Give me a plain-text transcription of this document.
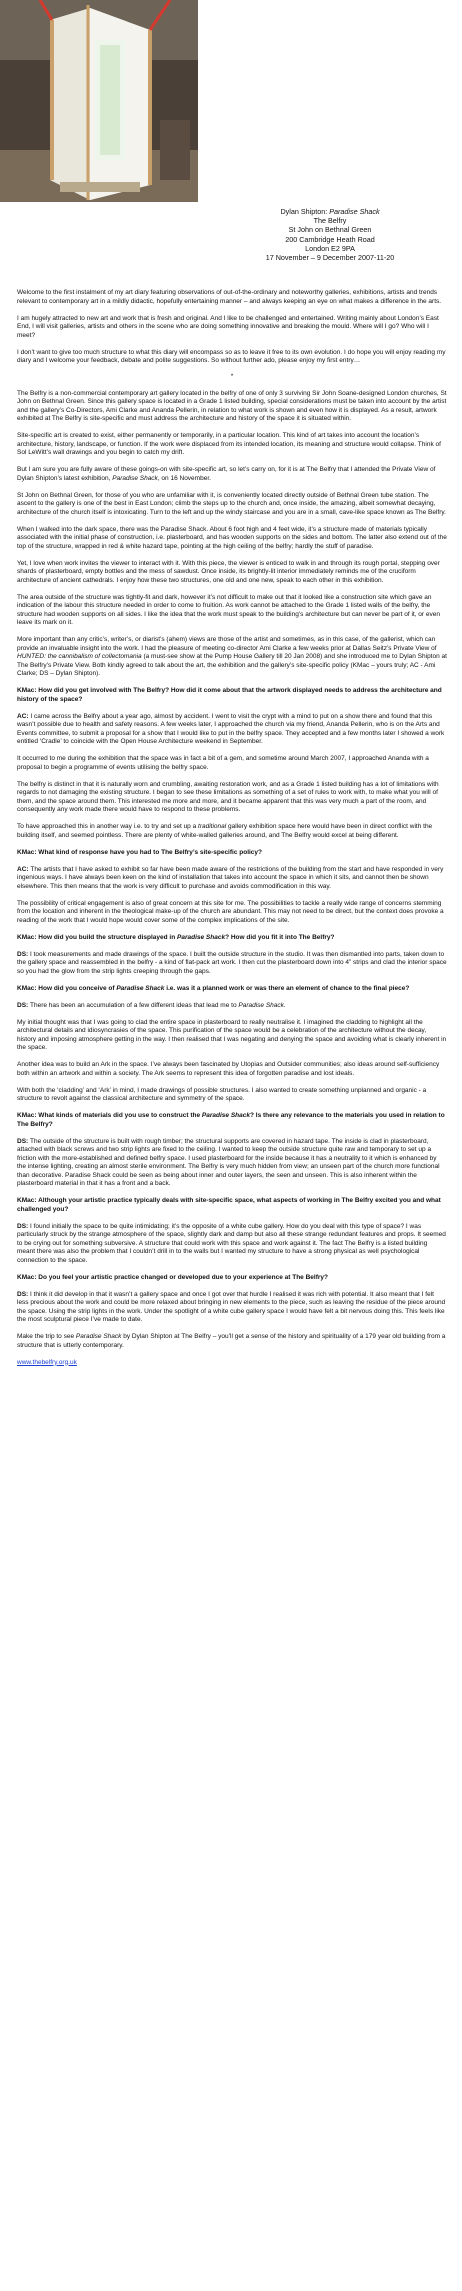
Dylan Shipton: Paradise Shack
The Belfry
St John on Bethnal Green
200 Cambridge Heath Road
London E2 9PA
17 November – 9 December 2007-11-20

Welcome to the first instalment of my art diary featuring observations of out-of-the-ordinary and noteworthy galleries, exhibitions, artists and trends relevant to contemporary art in a mildly didactic, hopefully entertaining manner – and always keeping an eye on what makes a difference in the arts.

I am hugely attracted to new art and work that is fresh and original. And I like to be challenged and entertained. Writing mainly about London’s East End, I will visit galleries, artists and others in the scene who are doing something innovative and breaking the mould. Where will I go? Who will I meet?

I don’t want to give too much structure to what this diary will encompass so as to leave it free to its own evolution. I do hope you will enjoy reading my diary and I welcome your feedback, debate and polite suggestions. So without further ado, please enjoy my first entry…

*

The Belfry is a non-commercial contemporary art gallery located in the belfry of one of only 3 surviving Sir John Soane-designed London churches, St John on Bethnal Green. Since this gallery space is located in a Grade 1 listed building, special considerations must be taken into account by the artist and the gallery’s Co-Directors, Ami Clarke and Ananda Pellerin, in relation to what work is shown and even how it is displayed. As a result, artwork exhibited at The Belfry is site-specific and must address the architecture and history of the space it is situated within.

Site-specific art is created to exist, either permanently or temporarily, in a particular location. This kind of art takes into account the location’s architecture, history, landscape, or function. If the work were displaced from its intended location, its meaning and structure would collapse. Think of Sol LeWitt’s wall drawings and you begin to catch my drift.

But I am sure you are fully aware of these goings-on with site-specific art, so let’s carry on, for it is at The Belfry that I attended the Private View of Dylan Shipton’s latest exhibition, Paradise Shack, on 16 November.

St John on Bethnal Green, for those of you who are unfamiliar with it, is conveniently located directly outside of Bethnal Green tube station. The ascent to the gallery is one of the best in East London; climb the steps up to the church and, once inside, the amazing, albeit somewhat decaying, architecture of the church itself is intoxicating. Turn to the left and up the windy staircase and you are in a small, cave-like space known as The Belfry.

When I walked into the dark space, there was the Paradise Shack. About 6 foot high and 4 feet wide, it’s a structure made of materials typically associated with the initial phase of construction, i.e. plasterboard, and has wooden supports on the sides and bottom. The latter also extend out of the top of the structure, wrapped in red & white hazard tape, pointing at the high ceiling of the belfry; hardly the stuff of paradise.

Yet, I love when work invites the viewer to interact with it. With this piece, the viewer is enticed to walk in and through its rough portal, stepping over shards of plasterboard, empty bottles and the mess of sawdust. Once inside, its brightly-lit interior immediately reminds me of the cruciform architecture of ancient cathedrals. I enjoy how these two structures, one old and one new, speak to each other in this exhibition.

The area outside of the structure was tightly-fit and dark, however it’s not difficult to make out that it looked like a construction site which gave an indication of the labour this structure needed in order to come to fruition. As work cannot be attached to the Grade 1 listed walls of the belfry, the structure had wooden supports on all sides. I like the idea that the work must speak to the building’s architecture but can never be part of it, or even leave its mark on it.

More important than any critic’s, writer’s, or diarist’s (ahem) views are those of the artist and sometimes, as in this case, of the gallerist, which can provide an invaluable insight into the work. I had the pleasure of meeting co-director Ami Clarke a few weeks prior at Dallas Seitz’s Private View of HUNTED: the cannibalism of collectomania (a must-see show at the Pump House Gallery till 20 Jan 2008) and she introduced me to Dylan Shipton at The Belfry’s Private View. Both kindly agreed to talk about the art, the exhibition and the gallery’s site-specific policy (KMac – yours truly; AC - Ami Clarke; DS – Dylan Shipton).

KMac: How did you get involved with The Belfry? How did it come about that the artwork displayed needs to address the architecture and history of the space?

AC: I came across the Belfry about a year ago, almost by accident. I went to visit the crypt with a mind to put on a show there and found that this wasn’t possible due to health and safety reasons. A few weeks later, I approached the church via my friend, Ananda Pellerin, who is on the Arts and Events committee, to submit a proposal for a show that I would like to put in the belfry space. They accepted and a few months later I showed a work entitled ‘Cradle’ to coincide with the Open House Architecture weekend in September.

It occurred to me during the exhibition that the space was in fact a bit of a gem, and sometime around March 2007, I approached Ananda with a proposal to begin a programme of events utilising the belfry space.

The belfry is distinct in that it is naturally worn and crumbling, awaiting restoration work, and as a Grade 1 listed building has a lot of limitations with regards to not damaging the existing structure. I began to see these limitations as something of a set of rules to work with, to make what you will of them, and the space around them. This interested me more and more, and it became apparent that this was very much a part of the room, and consequently any work made there would have to respond to these problems.

To have approached this in another way i.e. to try and set up a traditional gallery exhibition space here would have been in direct conflict with the building itself, and seemed pointless. There are plenty of white-walled galleries around, and The Belfry would excel at being different.

KMac: What kind of response have you had to The Belfry’s site-specific policy?

AC: The artists that I have asked to exhibit so far have been made aware of the restrictions of the building from the start and have responded in very ingenious ways. I have always been keen on the kind of installation that takes into account the space in which it sits, and cannot then be shown elsewhere. This then means that the work is very difficult to purchase and avoids commodification in this way.

The possibility of critical engagement is also of great concern at this site for me. The possibilities to tackle a really wide range of concerns stemming from the location and inherent in the theological make-up of the church are abundant. This may not need to be direct, but the context does provoke a reading of the work that I would hope would cover some of the complex implications of the site.

KMac: How did you build the structure displayed in Paradise Shack? How did you fit it into The Belfry?

DS: I took measurements and made drawings of the space. I built the outside structure in the studio. It was then dismantled into parts, taken down to the gallery space and reassembled in the belfry - a kind of flat-pack art work. I then cut the plasterboard down into 4” strips and clad the interior space so you had the glow from the strip lights creeping through the gaps.

KMac: How did you conceive of Paradise Shack i.e. was it a planned work or was there an element of chance to the final piece?

DS: There has been an accumulation of a few different ideas that lead me to Paradise Shack.

My initial thought was that I was going to clad the entire space in plasterboard to really neutralise it. I imagined the cladding to highlight all the architectural details and idiosyncrasies of the space. This purification of the space would be a celebration of the architecture without the decay, history and imposing atmosphere getting in the way. I then realised that I was negating and denying the space and avoiding what is clearly inherent in the space.

Another idea was to build an Ark in the space. I’ve always been fascinated by Utopias and Outsider communities; also ideas around self-sufficiency both within an artwork and within a society. The Ark seems to represent this idea of forgotten paradise and lost ideals.

With both the ‘cladding’ and ‘Ark’ in mind, I made drawings of possible structures. I also wanted to create something unplanned and organic - a structure to revolt against the classical architecture and symmetry of the space.

KMac: What kinds of materials did you use to construct the Paradise Shack? Is there any relevance to the materials you used in relation to The Belfry?

DS: The outside of the structure is built with rough timber; the structural supports are covered in hazard tape. The inside is clad in plasterboard, attached with black screws and two strip lights are fixed to the ceiling. I wanted to keep the outside structure quite raw and temporary to set up a friction with the more-established and defined belfry space. I used plasterboard for the inside because it has a neutrality to it which is enhanced by the intense lighting, creating an almost sterile environment. The Belfry is very much hidden from view; an unseen part of the church more functional than decorative. Paradise Shack could be seen as being about inner and outer layers, the seen and unseen. This is also inherent within the plasterboard material in that it has a front and a back.

KMac: Although your artistic practice typically deals with site-specific space, what aspects of working in The Belfry excited you and what challenged you?

DS: I found initially the space to be quite intimidating; it’s the opposite of a white cube gallery. How do you deal with this type of space? I was particularly struck by the strange atmosphere of the space, slightly dark and damp but also all these strange redundant features and props. It seemed to be crying out for something subversive. A structure that could work with this space and work against it. The fact The Belfry is a listed building meant there was also the problem that I couldn’t drill in to the walls but I wanted my structure to have a strong physical as well psychological connection to the space.

KMac: Do you feel your artistic practice changed or developed due to your experience at The Belfry?

DS: I think it did develop in that it wasn’t a gallery space and once I got over that hurdle I realised it was rich with potential. It also meant that I felt less precious about the work and could be more relaxed about bringing in new elements to the piece, such as leaving the residue of the piece around the space. Using the strip lights in the work. Under the spotlight of a white cube gallery space I would have felt a bit nervous doing this. This feels like the most sculptural piece I’ve made to date.

Make the trip to see Paradise Shack by Dylan Shipton at The Belfry – you’ll get a sense of the history and spirituality of a 179 year old building from a structure that is utterly contemporary.

www.thebelfry.org.uk
